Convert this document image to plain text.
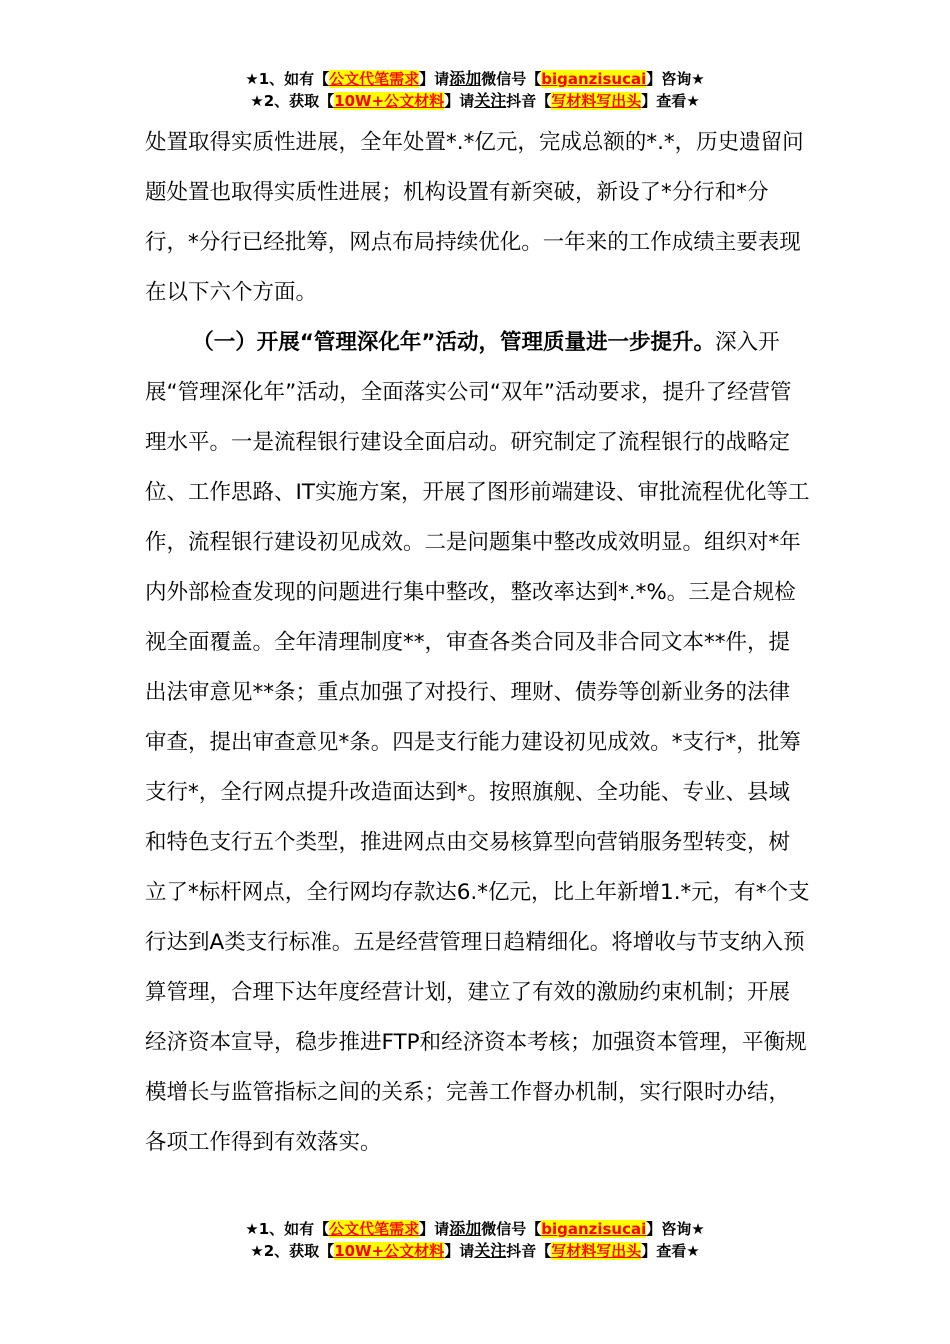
★1、如有【公文代笔需求】请添加微信号【biganzisucai】咨询★
★2、获取【10W+公文材料】请关注抖音【写材料写出头】查看★

处置取得实质性进展，全年处置*.*亿元，完成总额的*.*，历史遗留问题处置也取得实质性进展；机构设置有新突破，新设了*分行和*分行，*分行已经批筹，网点布局持续优化。一年来的工作成绩主要表现在以下六个方面。

（一）开展“管理深化年”活动，管理质量进一步提升。深入开展“管理深化年”活动，全面落实公司“双年”活动要求，提升了经营管理水平。一是流程银行建设全面启动。研究制定了流程银行的战略定位、工作思路、IT实施方案，开展了图形前端建设、审批流程优化等工作，流程银行建设初见成效。二是问题集中整改成效明显。组织对*年内外部检查发现的问题进行集中整改，整改率达到*.*%。三是合规检视全面覆盖。全年清理制度**，审查各类合同及非合同文本**件，提出法审意见**条；重点加强了对投行、理财、债券等创新业务的法律审查，提出审查意见*条。四是支行能力建设初见成效。*支行*，批筹支行*，全行网点提升改造面达到*。按照旗舰、全功能、专业、县域和特色支行五个类型，推进网点由交易核算型向营销服务型转变，树立了*标杆网点，全行网均存款达6.*亿元，比上年新增1.*元，有*个支行达到A类支行标准。五是经营管理日趋精细化。将增收与节支纳入预算管理，合理下达年度经营计划，建立了有效的激励约束机制；开展经济资本宣导，稳步推进FTP和经济资本考核；加强资本管理，平衡规模增长与监管指标之间的关系；完善工作督办机制，实行限时办结，各项工作得到有效落实。

★1、如有【公文代笔需求】请添加微信号【biganzisucai】咨询★
★2、获取【10W+公文材料】请关注抖音【写材料写出头】查看★
